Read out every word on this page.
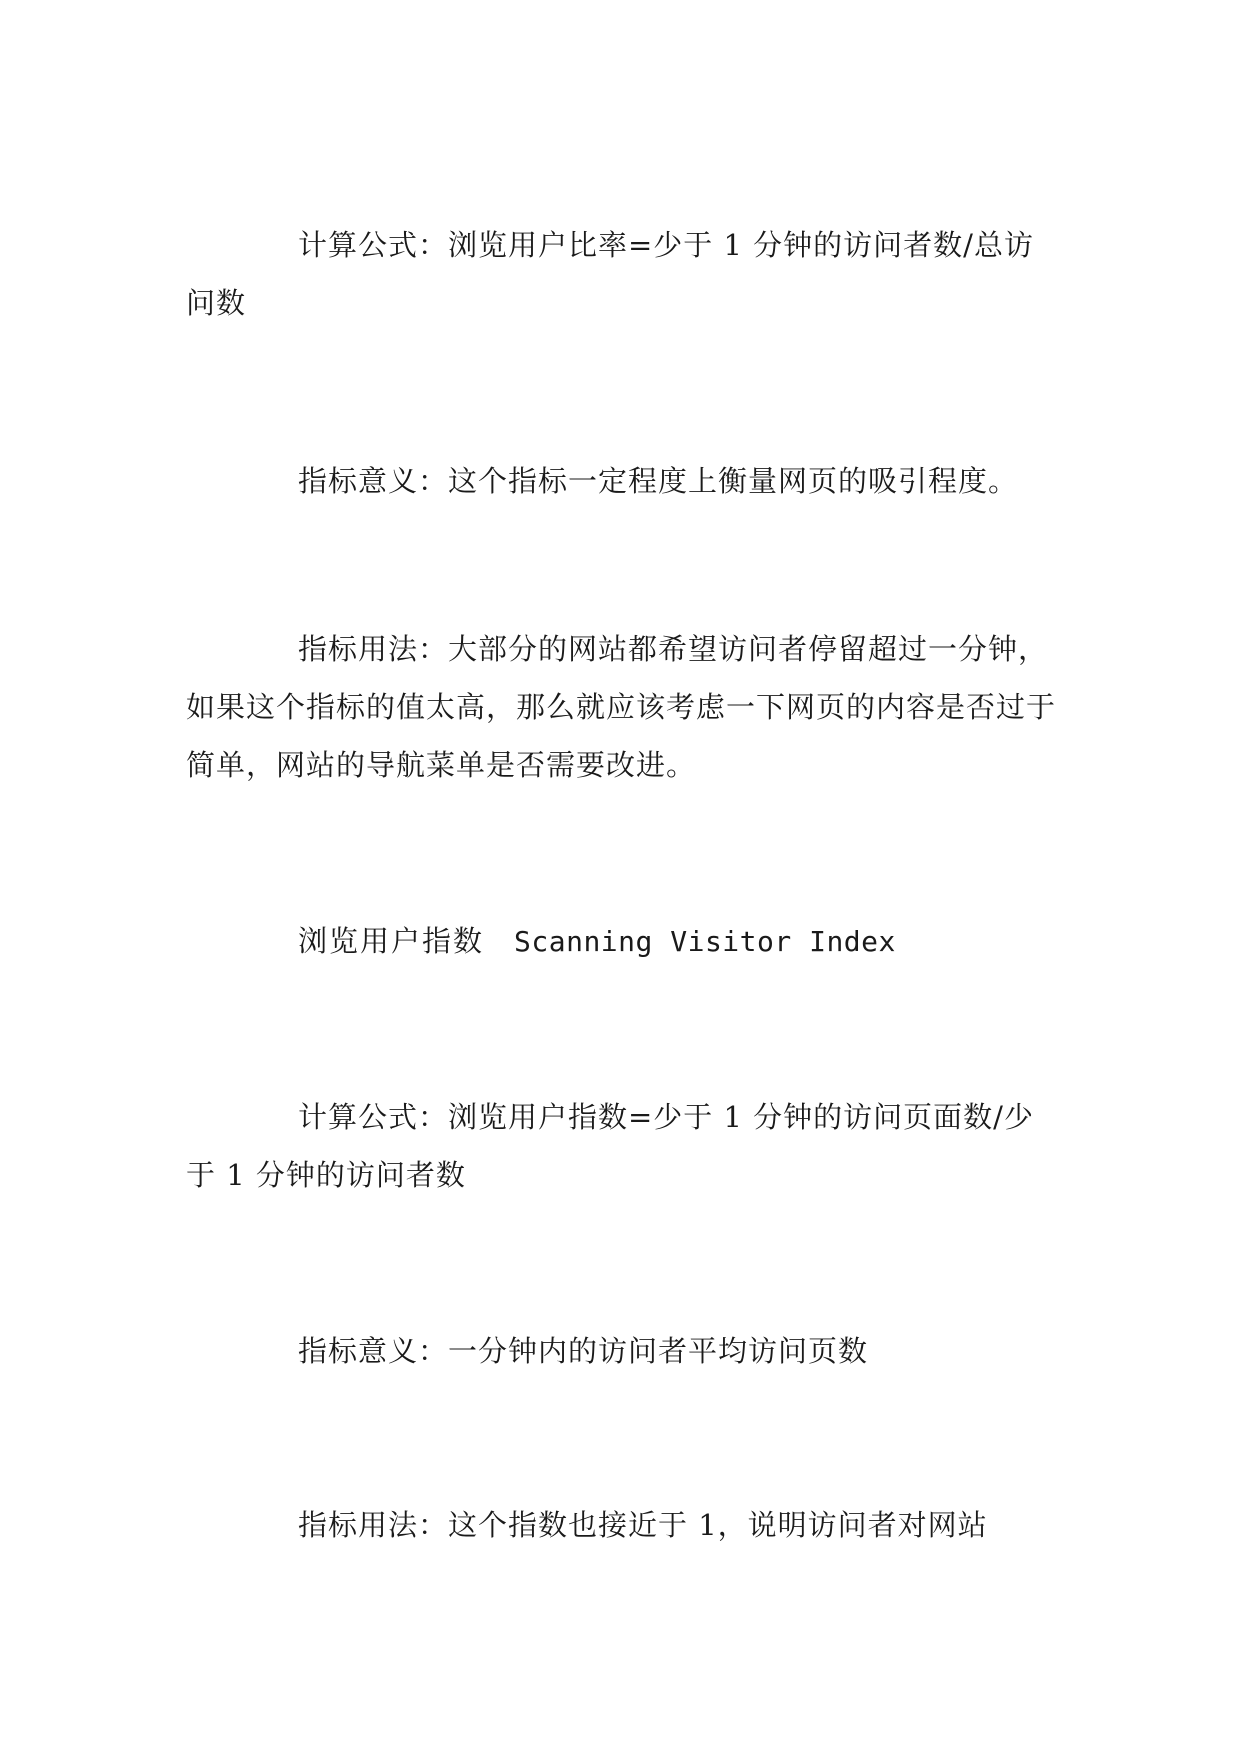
计算公式：浏览用户比率=少于 1 分钟的访问者数/总访问数

指标意义：这个指标一定程度上衡量网页的吸引程度。

指标用法：大部分的网站都希望访问者停留超过一分钟，如果这个指标的值太高，那么就应该考虑一下网页的内容是否过于简单，网站的导航菜单是否需要改进。

浏览用户指数 Scanning Visitor Index

计算公式：浏览用户指数=少于 1 分钟的访问页面数/少于 1 分钟的访问者数

指标意义：一分钟内的访问者平均访问页数

指标用法：这个指数也接近于 1，说明访问者对网站
